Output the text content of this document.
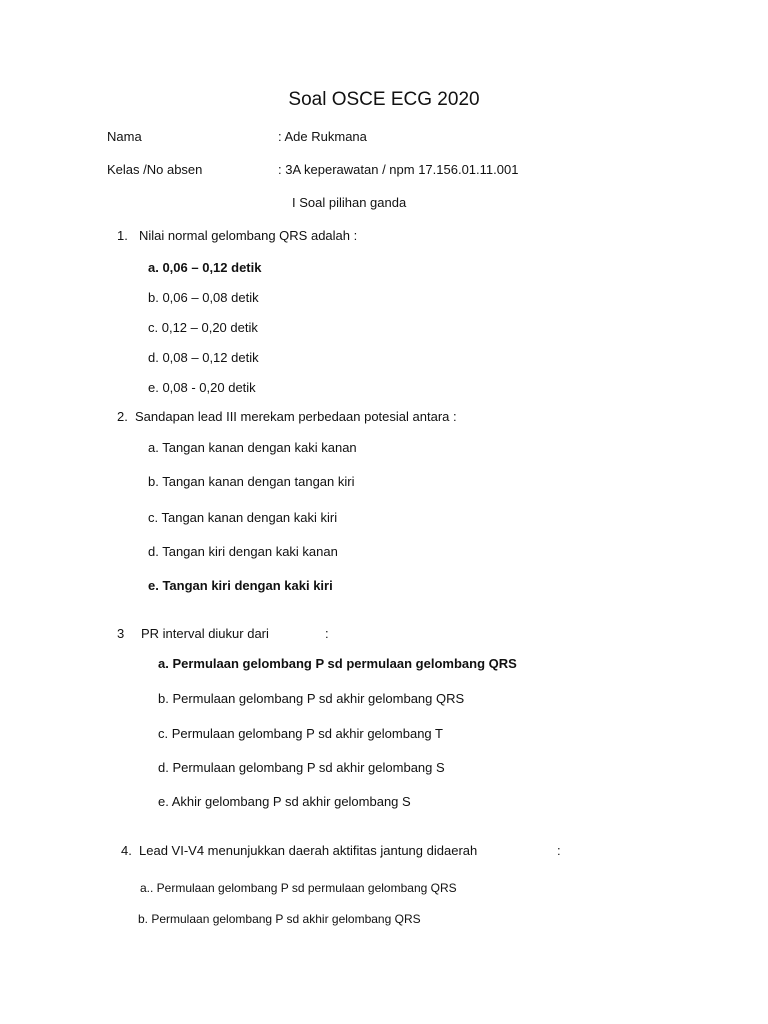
Soal OSCE ECG 2020
Nama	: Ade Rukmana
Kelas /No absen	: 3A keperawatan / npm 17.156.01.11.001
I Soal pilihan ganda
1. Nilai normal gelombang QRS adalah :
a. 0,06 – 0,12 detik
b. 0,06 – 0,08 detik
c. 0,12 – 0,20 detik
d. 0,08 – 0,12 detik
e. 0,08 - 0,20 detik
2. Sandapan lead III merekam perbedaan potesial antara :
a. Tangan kanan dengan kaki kanan
b. Tangan kanan dengan tangan kiri
c. Tangan kanan dengan kaki kiri
d. Tangan kiri dengan kaki kanan
e. Tangan kiri dengan kaki kiri
3 PR interval diukur dari	:
a. Permulaan gelombang P sd permulaan gelombang QRS
b. Permulaan gelombang P sd akhir gelombang QRS
c. Permulaan gelombang P sd akhir gelombang T
d. Permulaan gelombang P sd akhir gelombang S
e. Akhir gelombang P sd akhir gelombang S
4. Lead VI-V4 menunjukkan daerah aktifitas jantung didaerah	:
a.. Permulaan gelombang P sd permulaan gelombang QRS
b. Permulaan gelombang P sd akhir gelombang QRS
